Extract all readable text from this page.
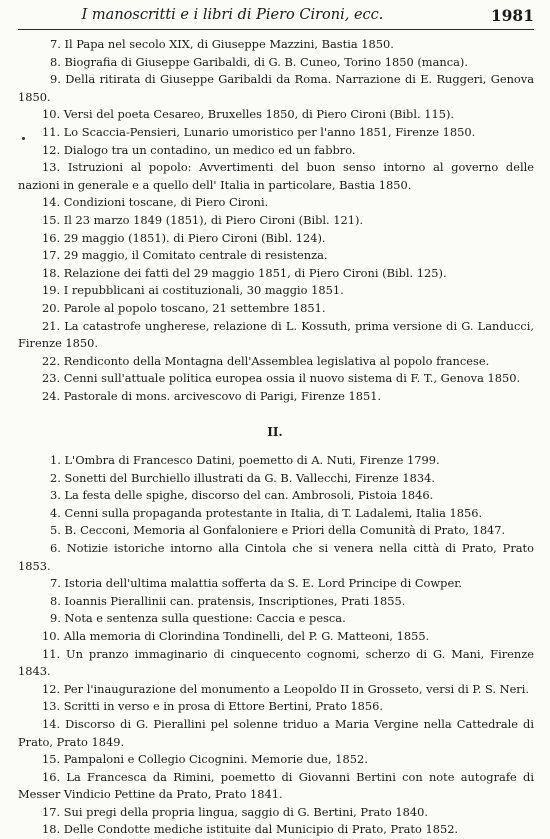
I manoscritti e i libri di Piero Cironi, ecc.	1981

7. Il Papa nel secolo XIX, di Giuseppe Mazzini, Bastia 1850.

8. Biografia di Giuseppe Garibaldi, di G. B. Cuneo, Torino 1850 (manca).

9. Della ritirata di Giuseppe Garibaldi da Roma. Narrazione di E. Ruggeri, Genova 1850.

10. Versi del poeta Cesareo, Bruxelles 1850, di Piero Cironi (Bibl. 115).

11. Lo Scaccia-Pensieri, Lunario umoristico per l'anno 1851, Firenze 1850.

12. Dialogo tra un contadino, un medico ed un fabbro.

13. Istruzioni al popolo: Avvertimenti del buon senso intorno al governo delle nazioni in generale e a quello dell' Italia in particolare, Bastia 1850.

14. Condizioni toscane, di Piero Cironi.

15. Il 23 marzo 1849 (1851), di Piero Cironi (Bibl. 121).

16. 29 maggio (1851). di Piero Cironi (Bibl. 124).

17. 29 maggio, il Comitato centrale di resistenza.

18. Relazione dei fatti del 29 maggio 1851, di Piero Cironi (Bibl. 125).

19. I repubblicani ai costituzionali, 30 maggio 1851.

20. Parole al popolo toscano, 21 settembre 1851.

21. La catastrofe ungherese, relazione di L. Kossuth, prima versione di G. Landucci, Firenze 1850.

22. Rendiconto della Montagna dell'Assemblea legislativa al popolo francese.

23. Cenni sull'attuale politica europea ossia il nuovo sistema di F. T., Genova 1850.

24. Pastorale di mons. arcivescovo di Parigi, Firenze 1851.

II.

1. L'Ombra di Francesco Datini, poemetto di A. Nuti, Firenze 1799.

2. Sonetti del Burchiello illustrati da G. B. Vallecchi, Firenze 1834.

3. La festa delle spighe, discorso del can. Ambrosoli, Pistoia 1846.

4. Cenni sulla propaganda protestante in Italia, di T. Ladalemi, Italia 1856.

5. B. Cecconi, Memoria al Gonfaloniere e Priori della Comunità di Prato, 1847.

6. Notizie istoriche intorno alla Cintola che si venera nella città di Prato, Prato 1853.

7. Istoria dell'ultima malattia sofferta da S. E. Lord Principe di Cowper.

8. Ioannis Pierallinii can. pratensis, Inscriptiones, Prati 1855.

9. Nota e sentenza sulla questione: Caccia e pesca.

10. Alla memoria di Clorindina Tondinelli, del P. G. Matteoni, 1855.

11. Un pranzo immaginario di cinquecento cognomi, scherzo di G. Mani, Firenze 1843.

12. Per l'inaugurazione del monumento a Leopoldo II in Grosseto, versi di P. S. Neri.

13. Scritti in verso e in prosa di Ettore Bertini, Prato 1856.

14. Discorso di G. Pierallini pel solenne triduo a Maria Vergine nella Cattedrale di Prato, Prato 1849.

15. Pampaloni e Collegio Cicognini. Memorie due, 1852.

16. La Francesca da Rimini, poemetto di Giovanni Bertini con note autografe di Messer Vindicio Pettine da Prato, Prato 1841.

17. Sui pregi della propria lingua, saggio di G. Bertini, Prato 1840.

18. Delle Condotte mediche istituite dal Municipio di Prato, Prato 1852.
